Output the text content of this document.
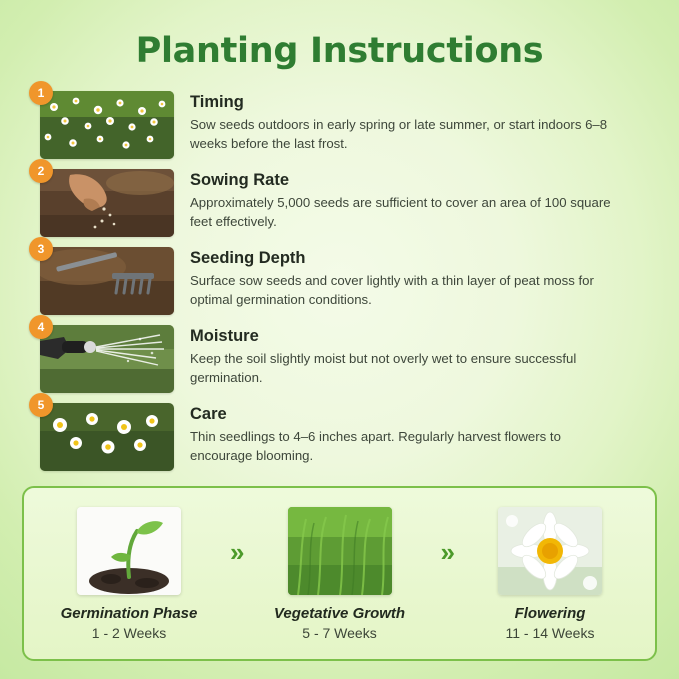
Planting Instructions
1	Timing

Sow seeds outdoors in early spring or late summer, or start indoors 6–8 weeks before the last frost.

2	Sowing Rate

Approximately 5,000 seeds are sufficient to cover an area of 100 square feet effectively.

3	Seeding Depth

Surface sow seeds and cover lightly with a thin layer of peat moss for optimal germination conditions.

4	Moisture

Keep the soil slightly moist but not overly wet to ensure successful germination.

5	Care

Thin seedlings to 4–6 inches apart. Regularly harvest flowers to encourage blooming.

Germination Phase
1 - 2 Weeks
»
Vegetative Growth
5 - 7 Weeks
»
Flowering
11 - 14 Weeks
